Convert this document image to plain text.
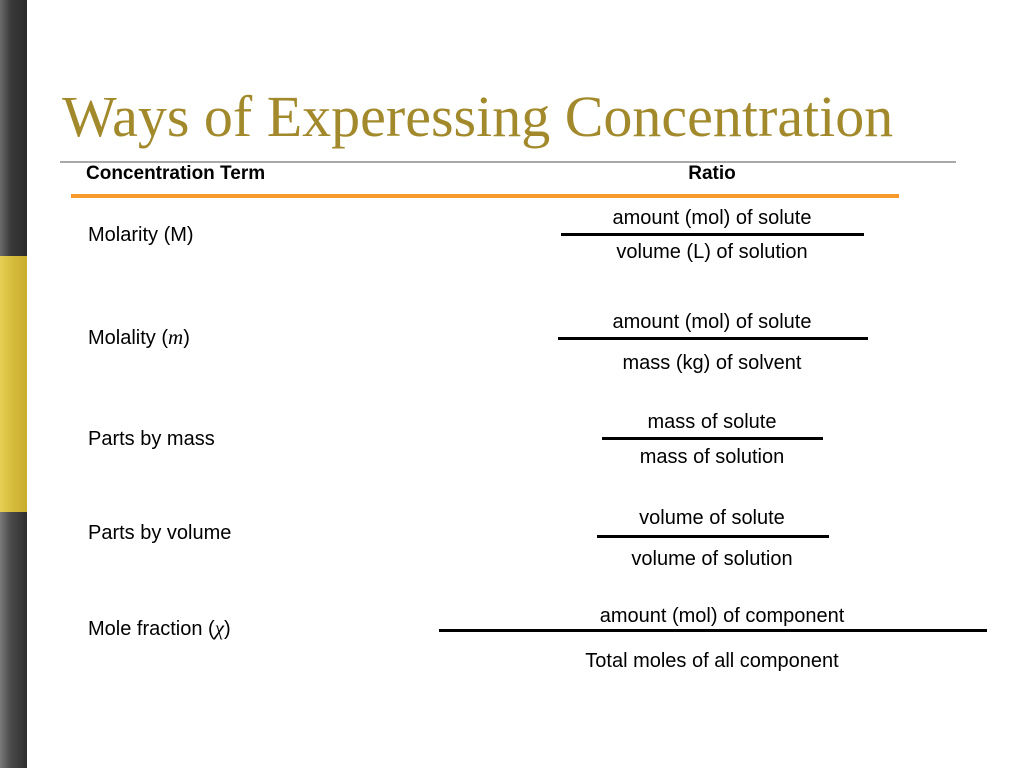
Ways of Experessing Concentration
Concentration Term	Ratio
Molarity (M)
amount (mol) of solute
volume (L) of solution
Molality (m)
amount (mol) of solute
mass (kg) of solvent
Parts by mass
mass of solute
mass of solution
Parts by volume
volume of solute
volume of solution
Mole fraction (χ)
amount (mol) of component
Total moles of all component
